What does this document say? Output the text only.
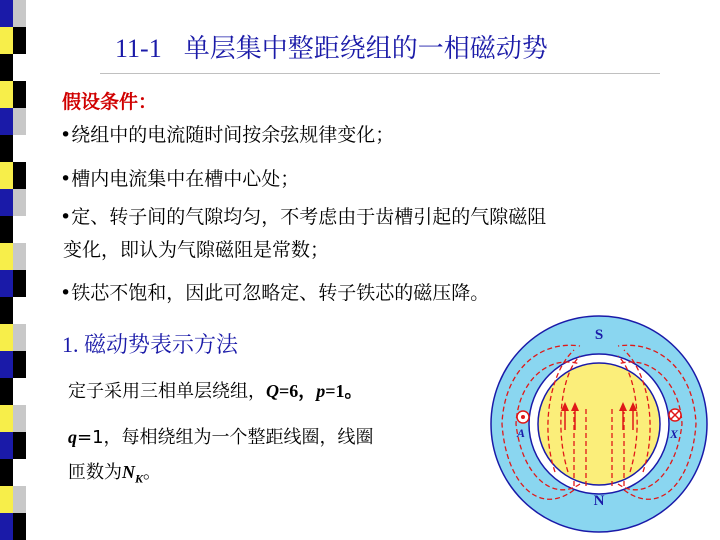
11-1 单层集中整距绕组的一相磁动势
假设条件：
•绕组中的电流随时间按余弦规律变化；
•槽内电流集中在槽中心处；
•定、转子间的气隙均匀，不考虑由于齿槽引起的气隙磁阻
变化，即认为气隙磁阻是常数；
•铁芯不饱和，因此可忽略定、转子铁芯的磁压降。
1. 磁动势表示方法
定子采用三相单层绕组，Q=6，p=1。
q=1，每相绕组为一个整距线圈，线圈
匝数为$N_K$。
S
N
A	X
